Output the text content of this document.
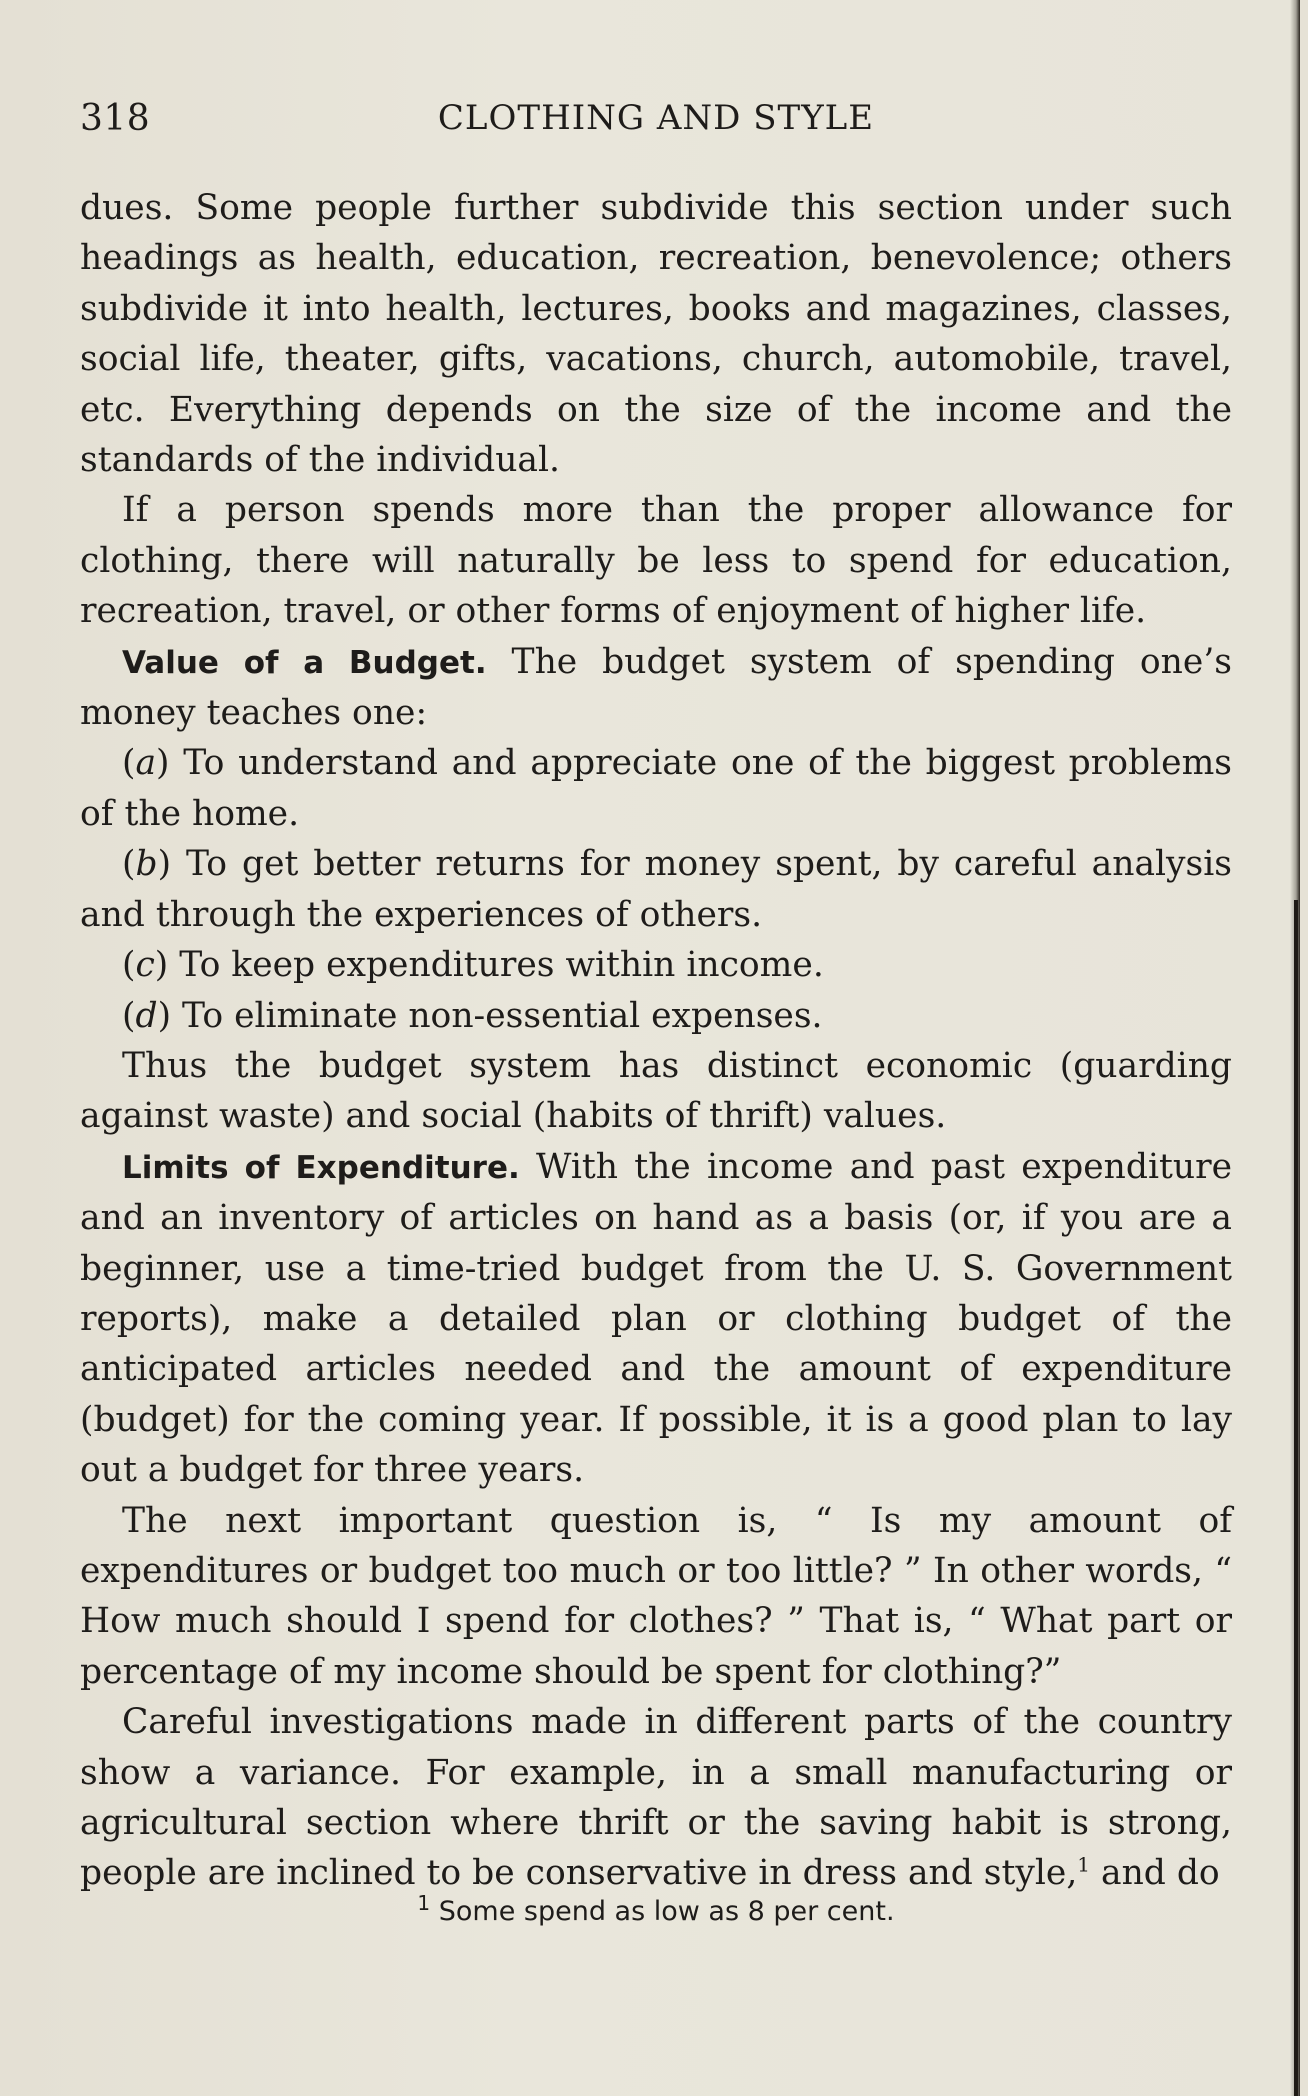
318	CLOTHING AND STYLE

dues. Some people further subdivide this section under such headings as health, education, recreation, benevolence; others subdivide it into health, lectures, books and magazines, classes, social life, theater, gifts, vacations, church, automobile, travel, etc. Everything depends on the size of the income and the standards of the individual.

If a person spends more than the proper allowance for clothing, there will naturally be less to spend for education, recreation, travel, or other forms of enjoyment of higher life.

Value of a Budget. The budget system of spending one’s money teaches one:

(a) To understand and appreciate one of the biggest problems of the home.

(b) To get better returns for money spent, by careful analysis and through the experiences of others.

(c) To keep expenditures within income.

(d) To eliminate non-essential expenses.

Thus the budget system has distinct economic (guarding against waste) and social (habits of thrift) values.

Limits of Expenditure. With the income and past expenditure and an inventory of articles on hand as a basis (or, if you are a beginner, use a time-tried budget from the U. S. Government reports), make a detailed plan or clothing budget of the anticipated articles needed and the amount of expenditure (budget) for the coming year. If possible, it is a good plan to lay out a budget for three years.

The next important question is, “ Is my amount of expenditures or budget too much or too little? ” In other words, “ How much should I spend for clothes? ” That is, “ What part or percentage of my income should be spent for clothing?”

Careful investigations made in different parts of the country show a variance. For example, in a small manufacturing or agricultural section where thrift or the saving habit is strong, people are inclined to be conservative in dress and style,$^1$ and do

$^1$ Some spend as low as 8 per cent.
